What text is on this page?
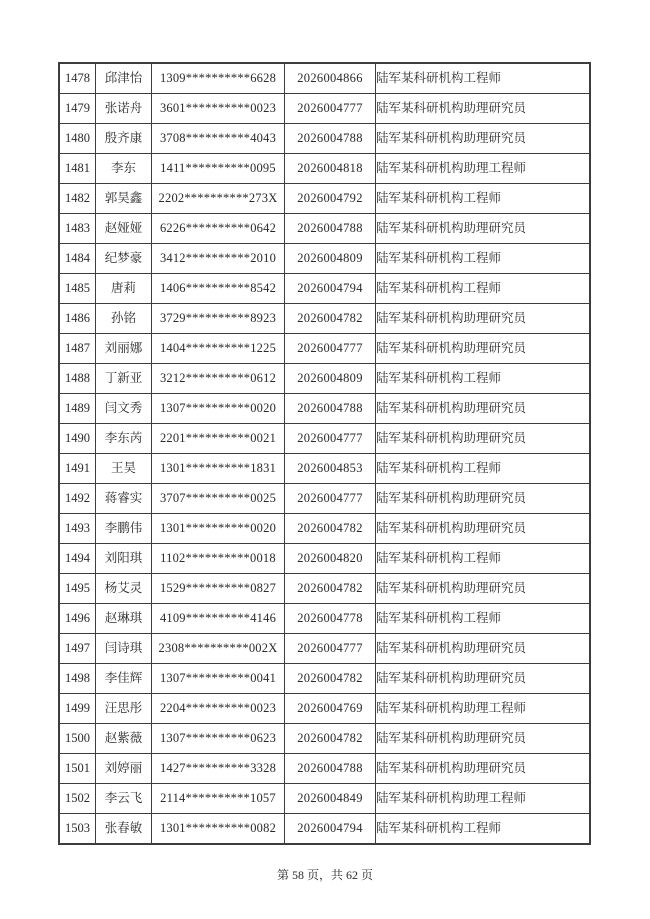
1478	邱津怡	1309**********6628	2026004866	陆军某科研机构工程师
1479	张诺舟	3601**********0023	2026004777	陆军某科研机构助理研究员
1480	殷齐康	3708**********4043	2026004788	陆军某科研机构助理研究员
1481	李东	1411**********0095	2026004818	陆军某科研机构助理工程师
1482	郭昊鑫	2202**********273X	2026004792	陆军某科研机构工程师
1483	赵娅娅	6226**********0642	2026004788	陆军某科研机构助理研究员
1484	纪梦豪	3412**********2010	2026004809	陆军某科研机构工程师
1485	唐莉	1406**********8542	2026004794	陆军某科研机构工程师
1486	孙铭	3729**********8923	2026004782	陆军某科研机构助理研究员
1487	刘丽娜	1404**********1225	2026004777	陆军某科研机构助理研究员
1488	丁新亚	3212**********0612	2026004809	陆军某科研机构工程师
1489	闫文秀	1307**********0020	2026004788	陆军某科研机构助理研究员
1490	李东芮	2201**********0021	2026004777	陆军某科研机构助理研究员
1491	王昊	1301**********1831	2026004853	陆军某科研机构工程师
1492	蒋睿实	3707**********0025	2026004777	陆军某科研机构助理研究员
1493	李鹏伟	1301**********0020	2026004782	陆军某科研机构助理研究员
1494	刘阳琪	1102**********0018	2026004820	陆军某科研机构工程师
1495	杨艾灵	1529**********0827	2026004782	陆军某科研机构助理研究员
1496	赵琳琪	4109**********4146	2026004778	陆军某科研机构工程师
1497	闫诗琪	2308**********002X	2026004777	陆军某科研机构助理研究员
1498	李佳辉	1307**********0041	2026004782	陆军某科研机构助理研究员
1499	汪思彤	2204**********0023	2026004769	陆军某科研机构助理工程师
1500	赵紫薇	1307**********0623	2026004782	陆军某科研机构助理研究员
1501	刘婷丽	1427**********3328	2026004788	陆军某科研机构助理研究员
1502	李云飞	2114**********1057	2026004849	陆军某科研机构助理工程师
1503	张春敏	1301**********0082	2026004794	陆军某科研机构工程师
第 58 页，共 62 页
